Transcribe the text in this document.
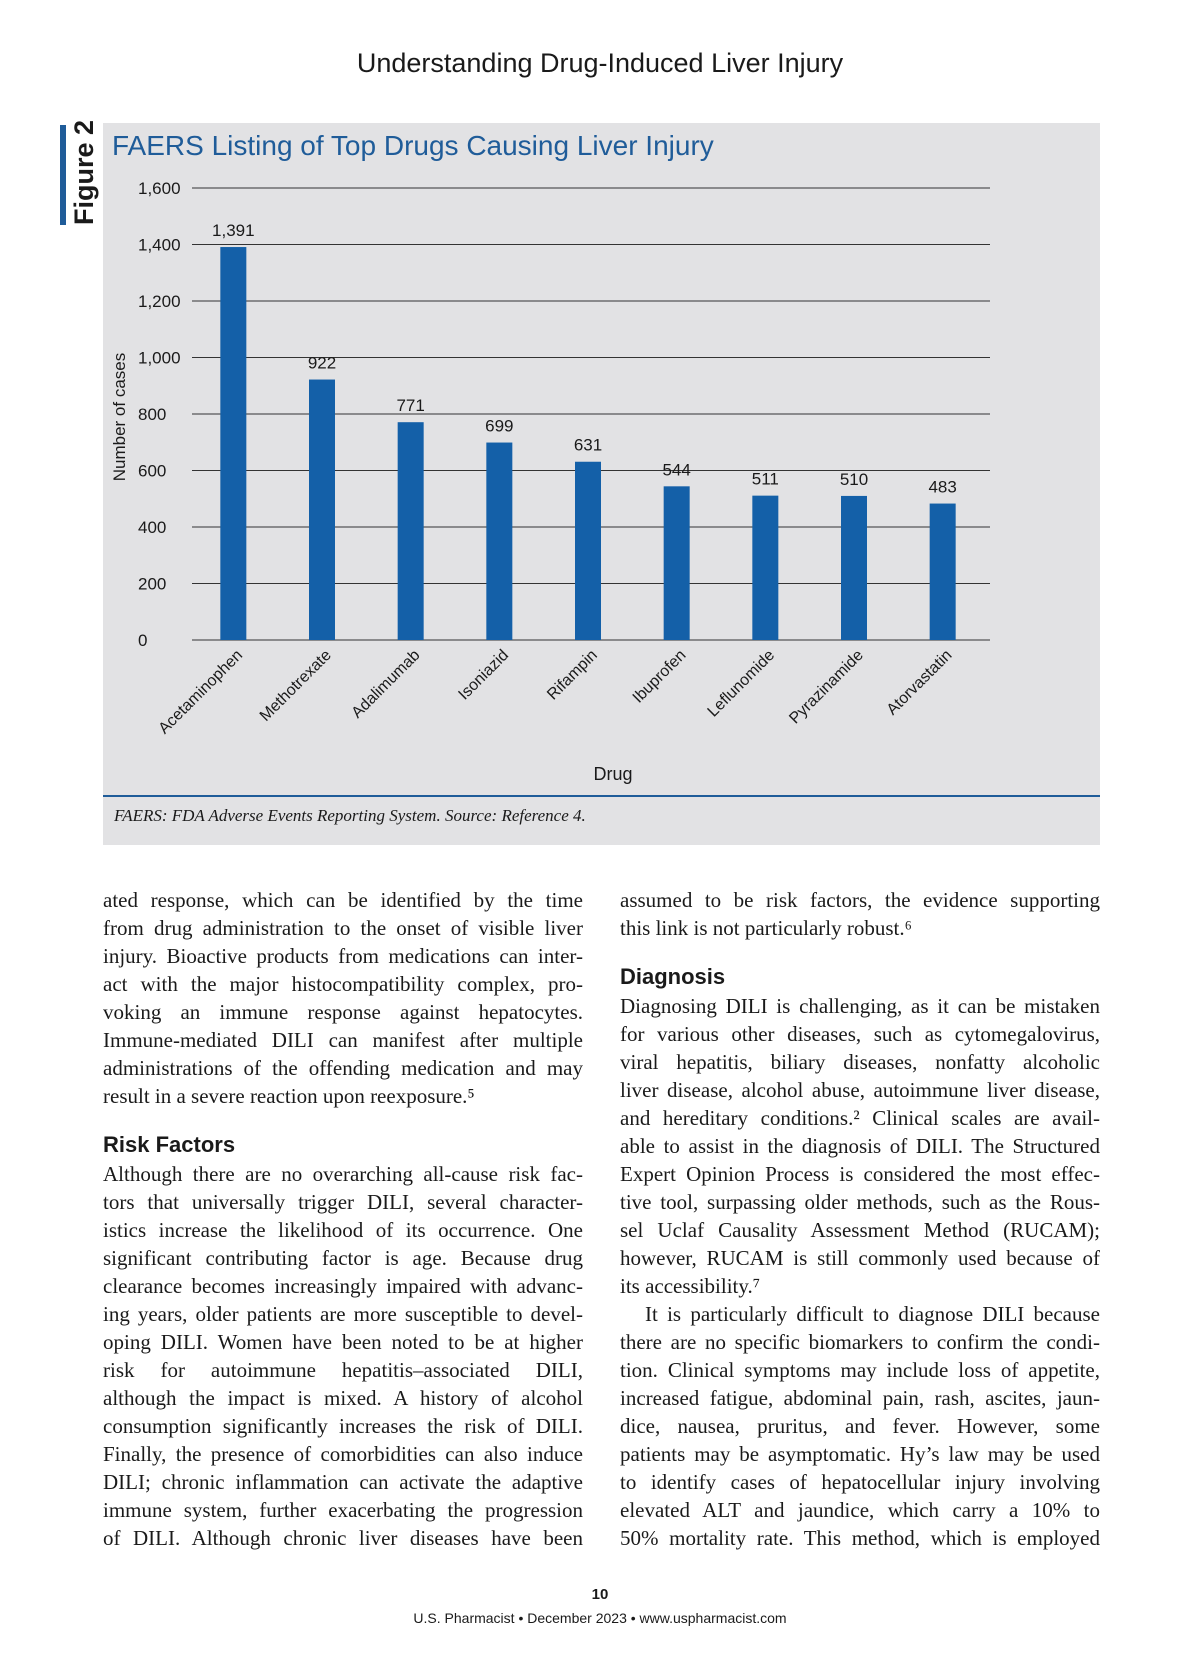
Understanding Drug-Induced Liver Injury
Figure 2 FAERS Listing of Top Drugs Causing Liver Injury
0
200
400
600
800
1,000
1,200
1,400
1,600
1,391
922
771
699
631
544	511	510	483
Acetaminophen Methotrexate Adalimumab Isoniazid Rifampin Ibuprofen Leflunomide Pyrazinamide Atorvastatin
Number of cases
Drug
FAERS: FDA Adverse Events Reporting System. Source: Reference 4.
ated response, which can be identified by the time
from drug administration to the onset of visible liver
injury. Bioactive products from medications can inter-
act with the major histocompatibility complex, pro-
voking an immune response against hepatocytes.
Immune-mediated DILI can manifest after multiple
administrations of the offending medication and may
result in a severe reaction upon reexposure.⁵
Risk Factors
Although there are no overarching all-cause risk fac-
tors that universally trigger DILI, several character-
istics increase the likelihood of its occurrence. One
significant contributing factor is age. Because drug
clearance becomes increasingly impaired with advanc-
ing years, older patients are more susceptible to devel-
oping DILI. Women have been noted to be at higher
risk for autoimmune hepatitis–associated DILI,
although the impact is mixed. A history of alcohol
consumption significantly increases the risk of DILI.
Finally, the presence of comorbidities can also induce
DILI; chronic inflammation can activate the adaptive
immune system, further exacerbating the progression
of DILI. Although chronic liver diseases have been
assumed to be risk factors, the evidence supporting
this link is not particularly robust.⁶
Diagnosis
Diagnosing DILI is challenging, as it can be mistaken
for various other diseases, such as cytomegalovirus,
viral hepatitis, biliary diseases, nonfatty alcoholic
liver disease, alcohol abuse, autoimmune liver disease,
and hereditary conditions.² Clinical scales are avail-
able to assist in the diagnosis of DILI. The Structured
Expert Opinion Process is considered the most effec-
tive tool, surpassing older methods, such as the Rous-
sel Uclaf Causality Assessment Method (RUCAM);
however, RUCAM is still commonly used because of
its accessibility.⁷
It is particularly difficult to diagnose DILI because
there are no specific biomarkers to confirm the condi-
tion. Clinical symptoms may include loss of appetite,
increased fatigue, abdominal pain, rash, ascites, jaun-
dice, nausea, pruritus, and fever. However, some
patients may be asymptomatic. Hy’s law may be used
to identify cases of hepatocellular injury involving
elevated ALT and jaundice, which carry a 10% to
50% mortality rate. This method, which is employed
10
U.S. Pharmacist • December 2023 • www.uspharmacist.com
